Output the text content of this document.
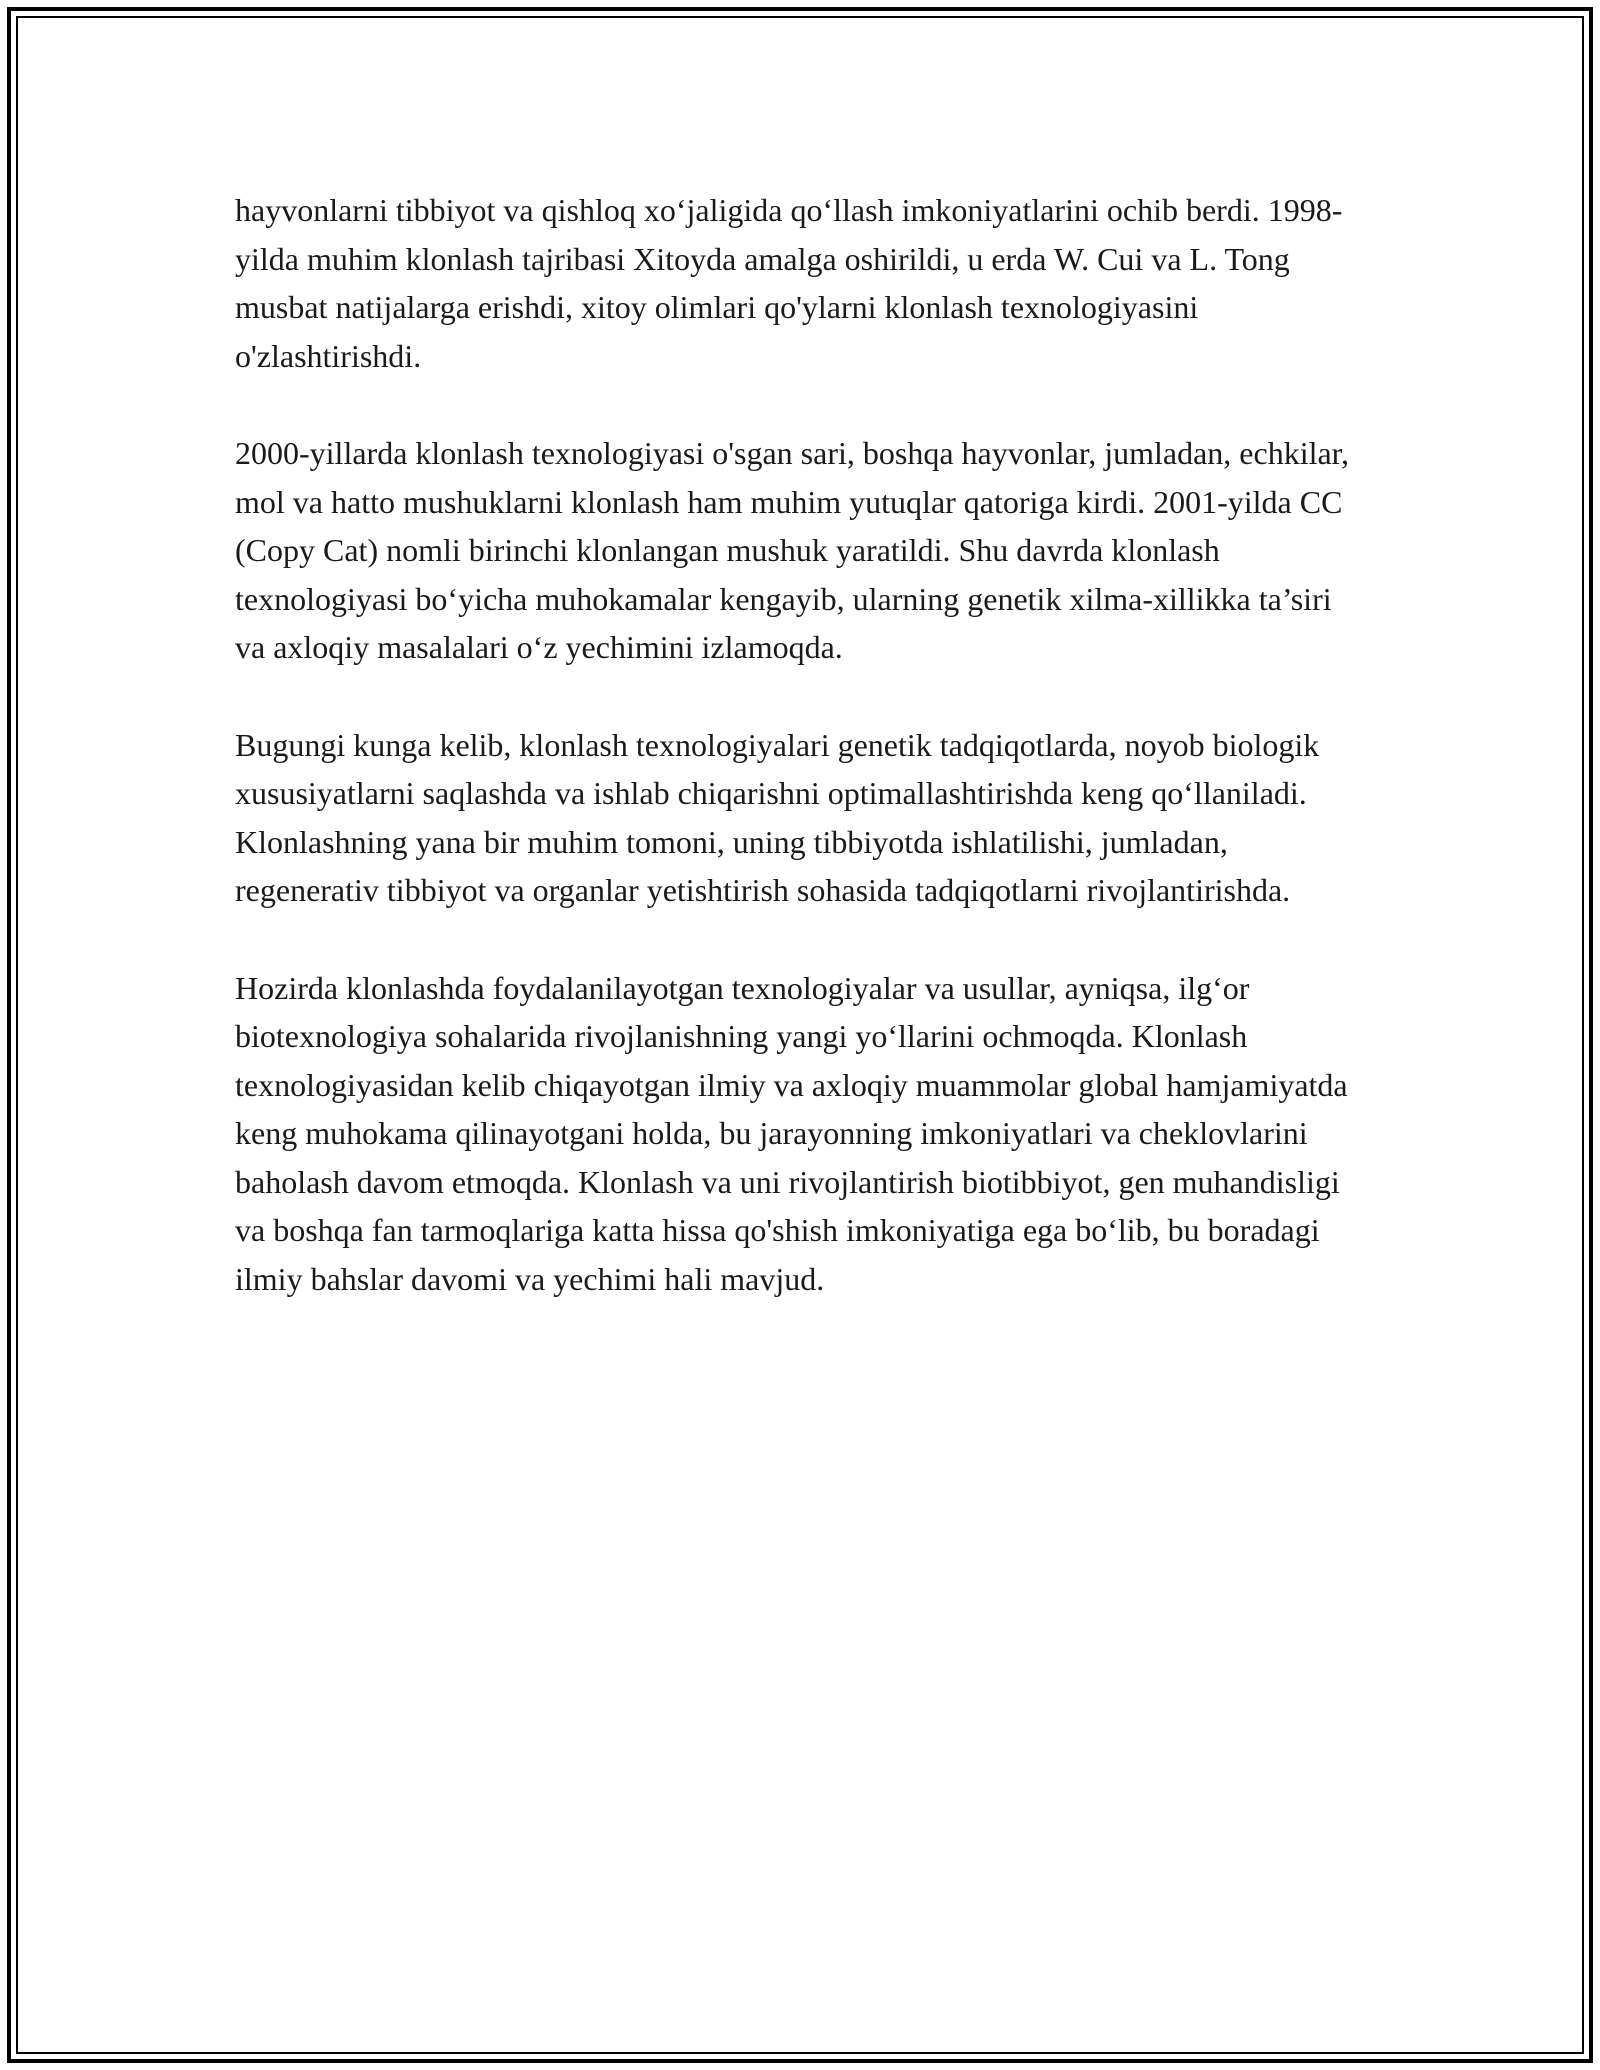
hayvonlarni tibbiyot va qishloq xo‘jaligida qo‘llash imkoniyatlarini ochib berdi. 1998-yilda muhim klonlash tajribasi Xitoyda amalga oshirildi, u erda W. Cui va L. Tong musbat natijalarga erishdi, xitoy olimlari qo'ylarni klonlash texnologiyasini o'zlashtirishdi.

2000-yillarda klonlash texnologiyasi o'sgan sari, boshqa hayvonlar, jumladan, echkilar, mol va hatto mushuklarni klonlash ham muhim yutuqlar qatoriga kirdi. 2001-yilda CC (Copy Cat) nomli birinchi klonlangan mushuk yaratildi. Shu davrda klonlash texnologiyasi bo‘yicha muhokamalar kengayib, ularning genetik xilma-xillikka ta’siri va axloqiy masalalari o‘z yechimini izlamoqda.

Bugungi kunga kelib, klonlash texnologiyalari genetik tadqiqotlarda, noyob biologik xususiyatlarni saqlashda va ishlab chiqarishni optimallashtirishda keng qo‘llaniladi. Klonlashning yana bir muhim tomoni, uning tibbiyotda ishlatilishi, jumladan, regenerativ tibbiyot va organlar yetishtirish sohasida tadqiqotlarni rivojlantirishda.

Hozirda klonlashda foydalanilayotgan texnologiyalar va usullar, ayniqsa, ilg‘or biotexnologiya sohalarida rivojlanishning yangi yo‘llarini ochmoqda. Klonlash texnologiyasidan kelib chiqayotgan ilmiy va axloqiy muammolar global hamjamiyatda keng muhokama qilinayotgani holda, bu jarayonning imkoniyatlari va cheklovlarini baholash davom etmoqda. Klonlash va uni rivojlantirish biotibbiyot, gen muhandisligi va boshqa fan tarmoqlariga katta hissa qo'shish imkoniyatiga ega bo‘lib, bu boradagi ilmiy bahslar davomi va yechimi hali mavjud.
